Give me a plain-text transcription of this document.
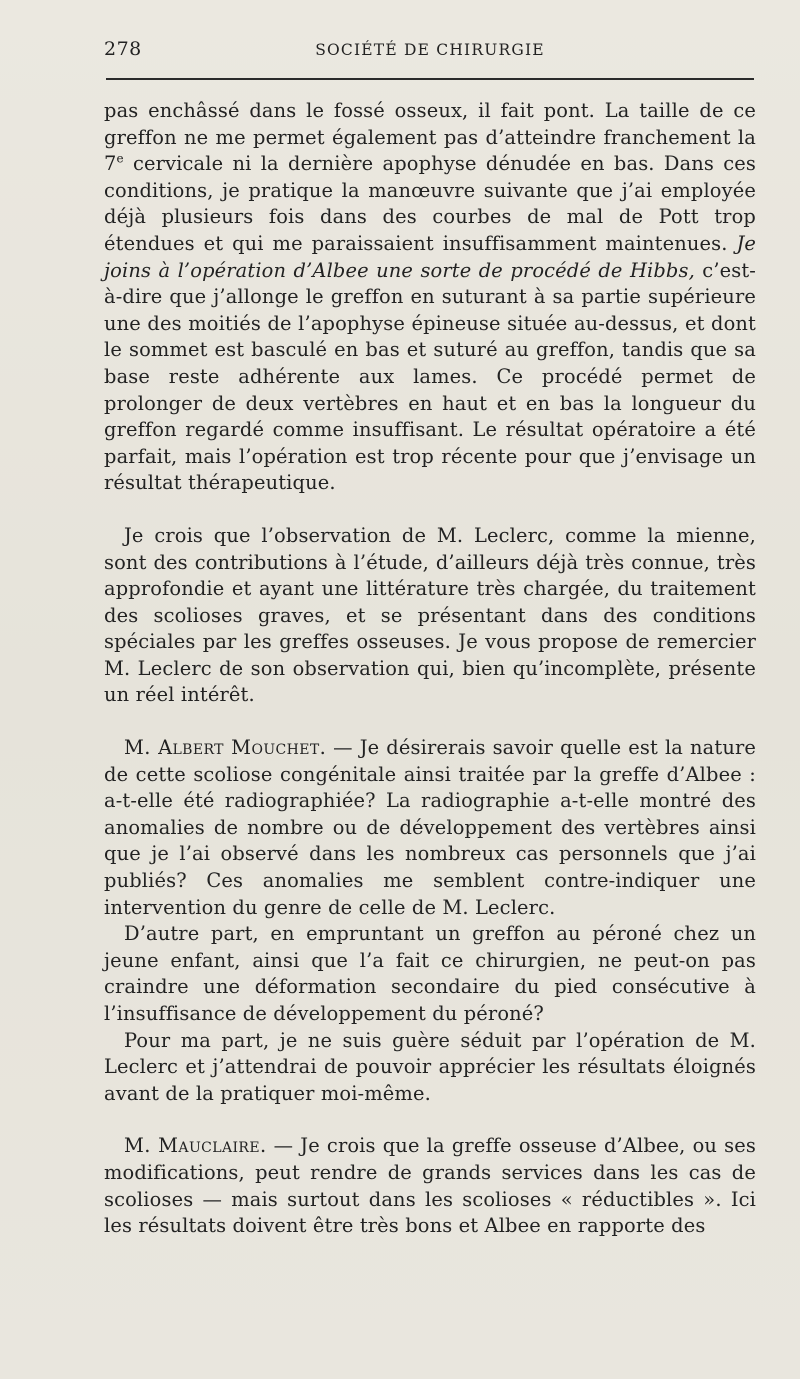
278	SOCIÉTÉ DE CHIRURGIE

pas enchâssé dans le fossé osseux, il fait pont. La taille de ce greffon ne me permet également pas d’atteindre franchement la 7e cervicale ni la dernière apophyse dénudée en bas. Dans ces conditions, je pratique la manœuvre suivante que j’ai employée déjà plusieurs fois dans des courbes de mal de Pott trop étendues et qui me paraissaient insuffisamment maintenues. Je joins à l’opération d’Albee une sorte de procédé de Hibbs, c’est-à-dire que j’allonge le greffon en suturant à sa partie supérieure une des moitiés de l’apophyse épineuse située au-dessus, et dont le sommet est basculé en bas et suturé au greffon, tandis que sa base reste adhérente aux lames. Ce procédé permet de prolonger de deux vertèbres en haut et en bas la longueur du greffon regardé comme insuffisant. Le résultat opératoire a été parfait, mais l’opération est trop récente pour que j’envisage un résultat thérapeutique.

Je crois que l’observation de M. Leclerc, comme la mienne, sont des contributions à l’étude, d’ailleurs déjà très connue, très approfondie et ayant une littérature très chargée, du traitement des scolioses graves, et se présentant dans des conditions spéciales par les greffes osseuses. Je vous propose de remercier M. Leclerc de son observation qui, bien qu’incomplète, présente un réel intérêt.

M. Albert Mouchet. — Je désirerais savoir quelle est la nature de cette scoliose congénitale ainsi traitée par la greffe d’Albee : a-t-elle été radiographiée? La radiographie a-t-elle montré des anomalies de nombre ou de développement des vertèbres ainsi que je l’ai observé dans les nombreux cas personnels que j’ai publiés? Ces anomalies me semblent contre-indiquer une intervention du genre de celle de M. Leclerc.

D’autre part, en empruntant un greffon au péroné chez un jeune enfant, ainsi que l’a fait ce chirurgien, ne peut-on pas craindre une déformation secondaire du pied consécutive à l’insuffisance de développement du péroné?

Pour ma part, je ne suis guère séduit par l’opération de M. Leclerc et j’attendrai de pouvoir apprécier les résultats éloignés avant de la pratiquer moi-même.

M. Mauclaire. — Je crois que la greffe osseuse d’Albee, ou ses modifications, peut rendre de grands services dans les cas de scolioses — mais surtout dans les scolioses « réductibles ». Ici les résultats doivent être très bons et Albee en rapporte des
